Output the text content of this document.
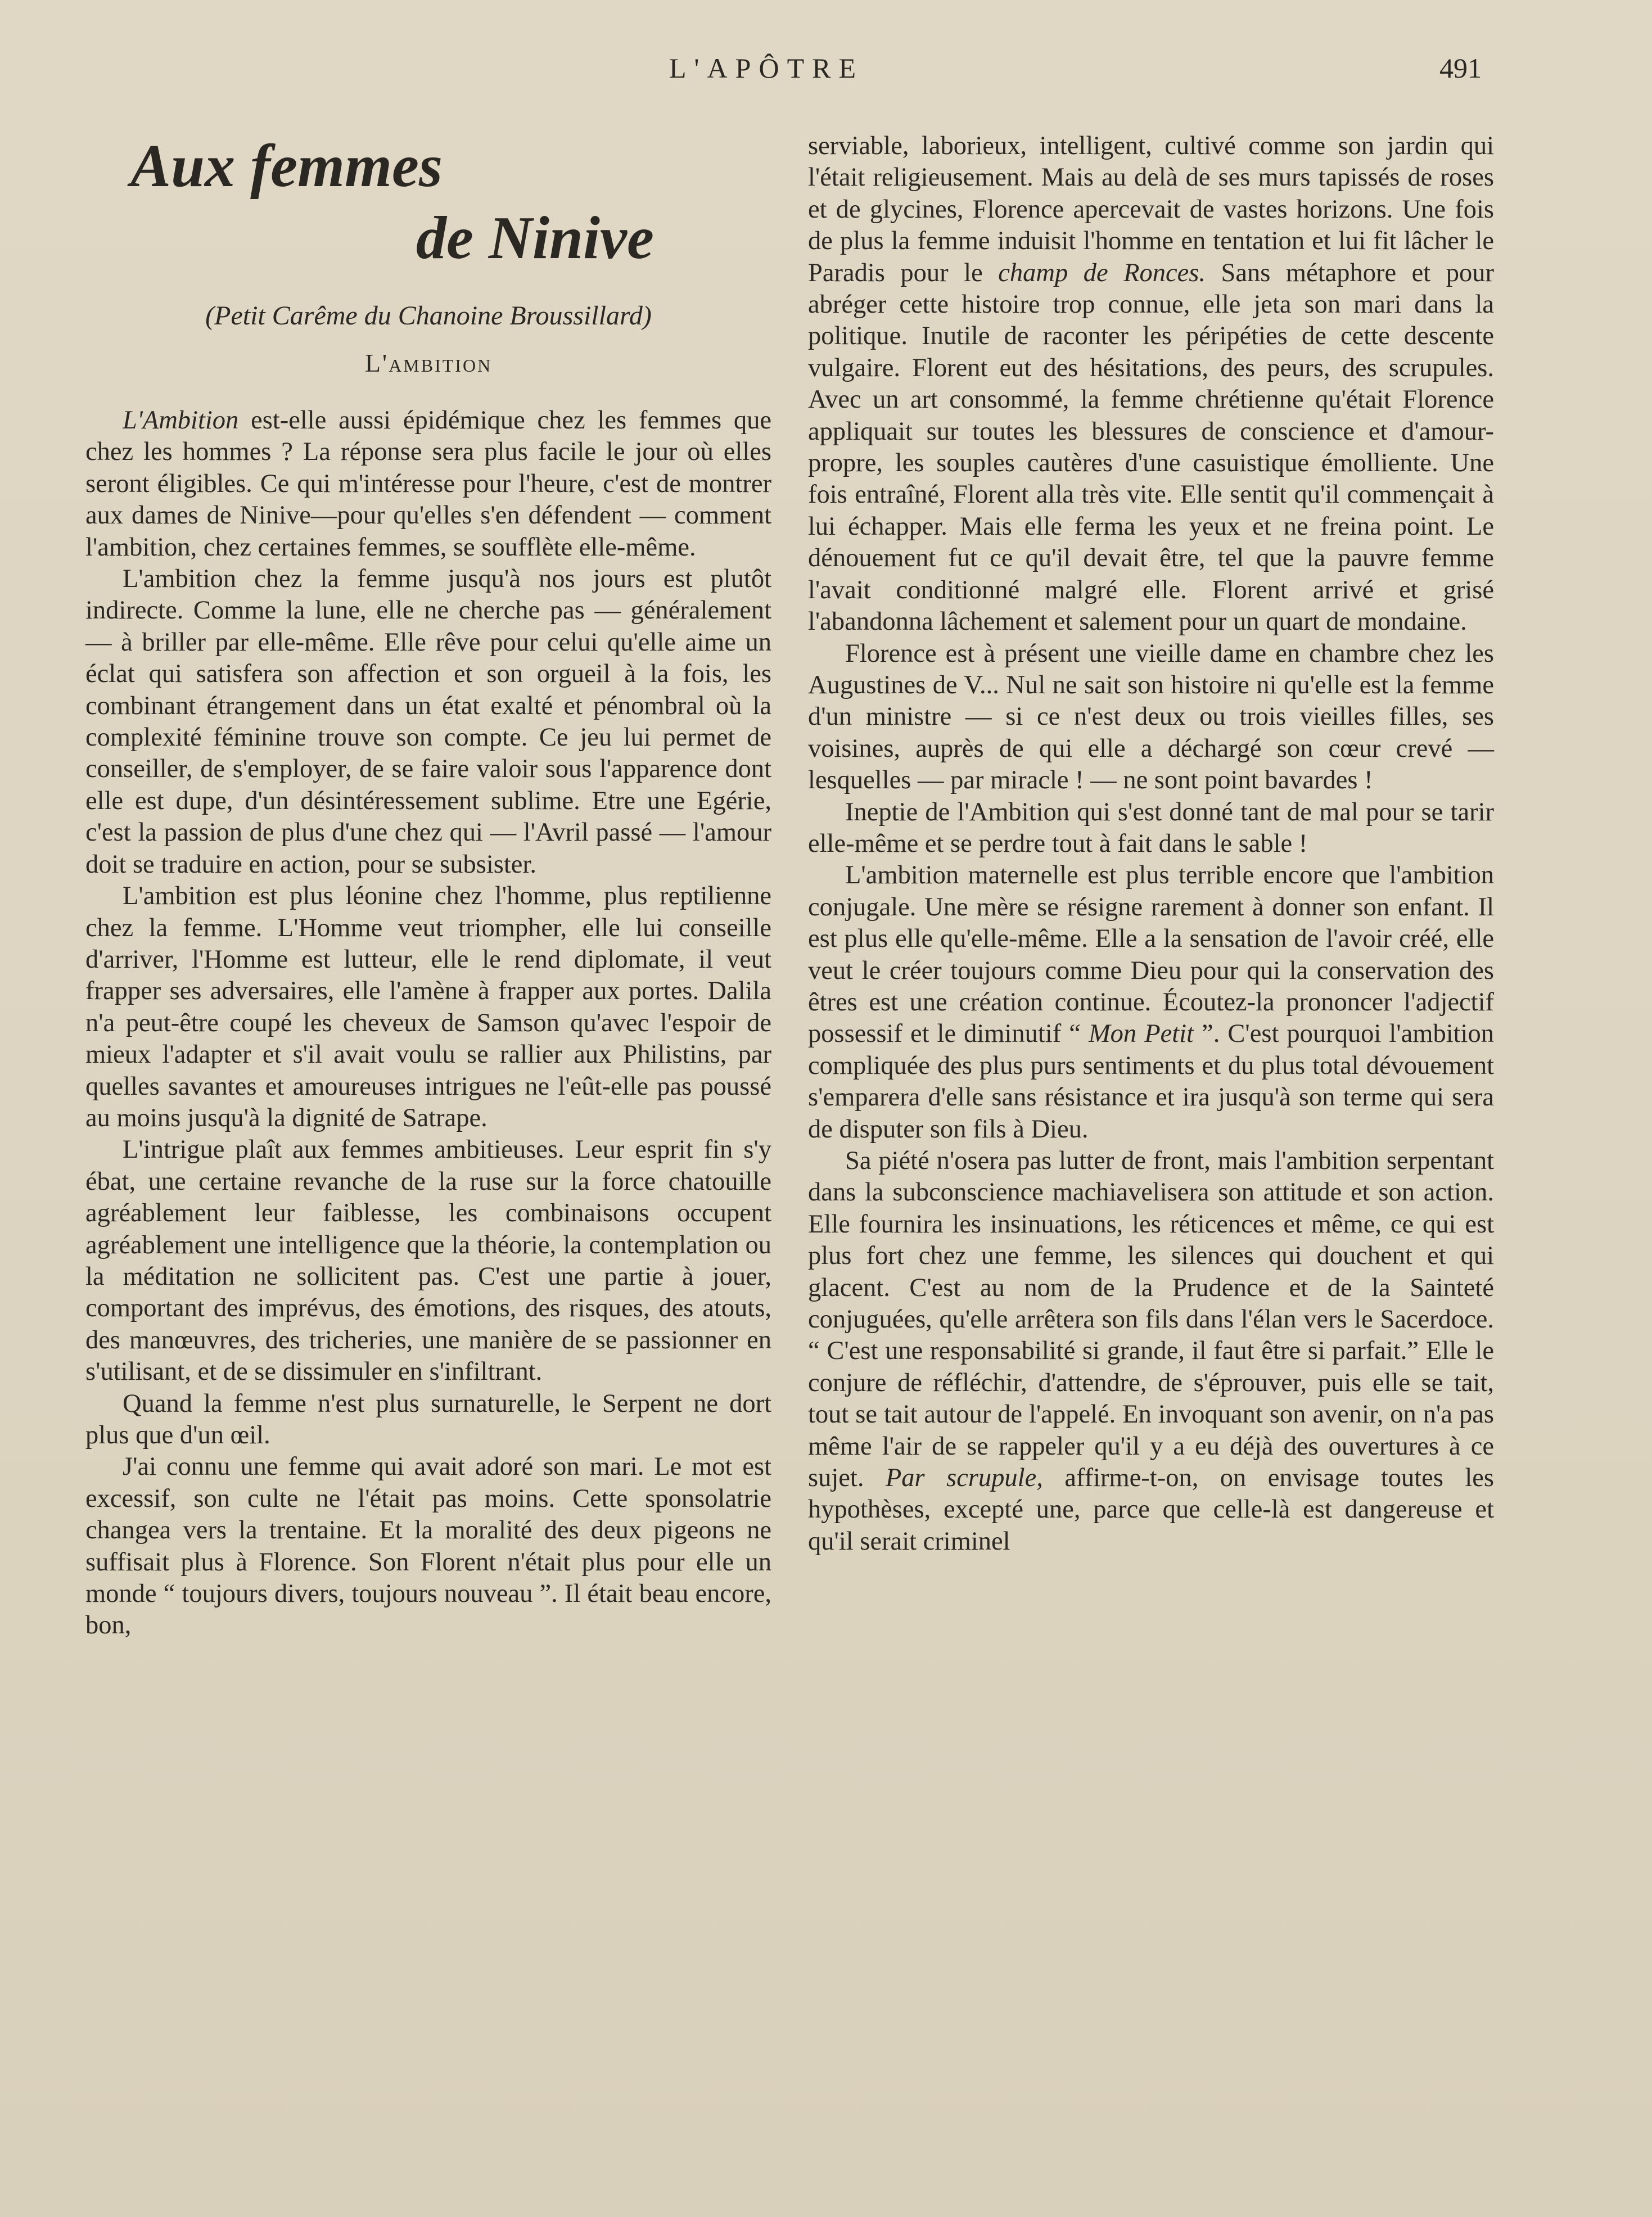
L'APÔTRE	491
Aux femmes
de Ninive
(Petit Carême du Chanoine Broussillard)
L'ambition

L'Ambition est-elle aussi épidémique chez les femmes que chez les hommes ? La réponse sera plus facile le jour où elles seront éligibles. Ce qui m'intéresse pour l'heure, c'est de montrer aux dames de Ninive—pour qu'elles s'en défendent — comment l'ambition, chez certaines femmes, se soufflète elle-même.

L'ambition chez la femme jusqu'à nos jours est plutôt indirecte. Comme la lune, elle ne cherche pas — généralement — à briller par elle-même. Elle rêve pour celui qu'elle aime un éclat qui satisfera son affection et son orgueil à la fois, les combinant étrangement dans un état exalté et pénombral où la complexité féminine trouve son compte. Ce jeu lui permet de conseiller, de s'employer, de se faire valoir sous l'apparence dont elle est dupe, d'un désintéressement sublime. Etre une Egérie, c'est la passion de plus d'une chez qui — l'Avril passé — l'amour doit se traduire en action, pour se subsister.

L'ambition est plus léonine chez l'homme, plus reptilienne chez la femme. L'Homme veut triompher, elle lui conseille d'arriver, l'Homme est lutteur, elle le rend diplomate, il veut frapper ses adversaires, elle l'amène à frapper aux portes. Dalila n'a peut-être coupé les cheveux de Samson qu'avec l'espoir de mieux l'adapter et s'il avait voulu se rallier aux Philistins, par quelles savantes et amoureuses intrigues ne l'eût-elle pas poussé au moins jusqu'à la dignité de Satrape.

L'intrigue plaît aux femmes ambitieuses. Leur esprit fin s'y ébat, une certaine revanche de la ruse sur la force chatouille agréablement leur faiblesse, les combinaisons occupent agréablement une intelligence que la théorie, la contemplation ou la méditation ne sollicitent pas. C'est une partie à jouer, comportant des imprévus, des émotions, des risques, des atouts, des manœuvres, des tricheries, une manière de se passionner en s'utilisant, et de se dissimuler en s'infiltrant.

Quand la femme n'est plus surnaturelle, le Serpent ne dort plus que d'un œil.

J'ai connu une femme qui avait adoré son mari. Le mot est excessif, son culte ne l'était pas moins. Cette sponsolatrie changea vers la trentaine. Et la moralité des deux pigeons ne suffisait plus à Florence. Son Florent n'était plus pour elle un monde “ toujours divers, toujours nouveau ”. Il était beau encore, bon,

serviable, laborieux, intelligent, cultivé comme son jardin qui l'était religieusement. Mais au delà de ses murs tapissés de roses et de glycines, Florence apercevait de vastes horizons. Une fois de plus la femme induisit l'homme en tentation et lui fit lâcher le Paradis pour le champ de Ronces. Sans métaphore et pour abréger cette histoire trop connue, elle jeta son mari dans la politique. Inutile de raconter les péripéties de cette descente vulgaire. Florent eut des hésitations, des peurs, des scrupules. Avec un art consommé, la femme chrétienne qu'était Florence appliquait sur toutes les blessures de conscience et d'amour-propre, les souples cautères d'une casuistique émolliente. Une fois entraîné, Florent alla très vite. Elle sentit qu'il commençait à lui échapper. Mais elle ferma les yeux et ne freina point. Le dénouement fut ce qu'il devait être, tel que la pauvre femme l'avait conditionné malgré elle. Florent arrivé et grisé l'abandonna lâchement et salement pour un quart de mondaine.

Florence est à présent une vieille dame en chambre chez les Augustines de V... Nul ne sait son histoire ni qu'elle est la femme d'un ministre — si ce n'est deux ou trois vieilles filles, ses voisines, auprès de qui elle a déchargé son cœur crevé — lesquelles — par miracle ! — ne sont point bavardes !

Ineptie de l'Ambition qui s'est donné tant de mal pour se tarir elle-même et se perdre tout à fait dans le sable !

L'ambition maternelle est plus terrible encore que l'ambition conjugale. Une mère se résigne rarement à donner son enfant. Il est plus elle qu'elle-même. Elle a la sensation de l'avoir créé, elle veut le créer toujours comme Dieu pour qui la conservation des êtres est une création continue. Écoutez-la prononcer l'adjectif possessif et le diminutif “ Mon Petit ”. C'est pourquoi l'ambition compliquée des plus purs sentiments et du plus total dévouement s'emparera d'elle sans résistance et ira jusqu'à son terme qui sera de disputer son fils à Dieu.

Sa piété n'osera pas lutter de front, mais l'ambition serpentant dans la subconscience machiavelisera son attitude et son action. Elle fournira les insinuations, les réticences et même, ce qui est plus fort chez une femme, les silences qui douchent et qui glacent. C'est au nom de la Prudence et de la Sainteté conjuguées, qu'elle arrêtera son fils dans l'élan vers le Sacerdoce. “ C'est une responsabilité si grande, il faut être si parfait.” Elle le conjure de réfléchir, d'attendre, de s'éprouver, puis elle se tait, tout se tait autour de l'appelé. En invoquant son avenir, on n'a pas même l'air de se rappeler qu'il y a eu déjà des ouvertures à ce sujet. Par scrupule, affirme-t-on, on envisage toutes les hypothèses, excepté une, parce que celle-là est dangereuse et qu'il serait criminel
